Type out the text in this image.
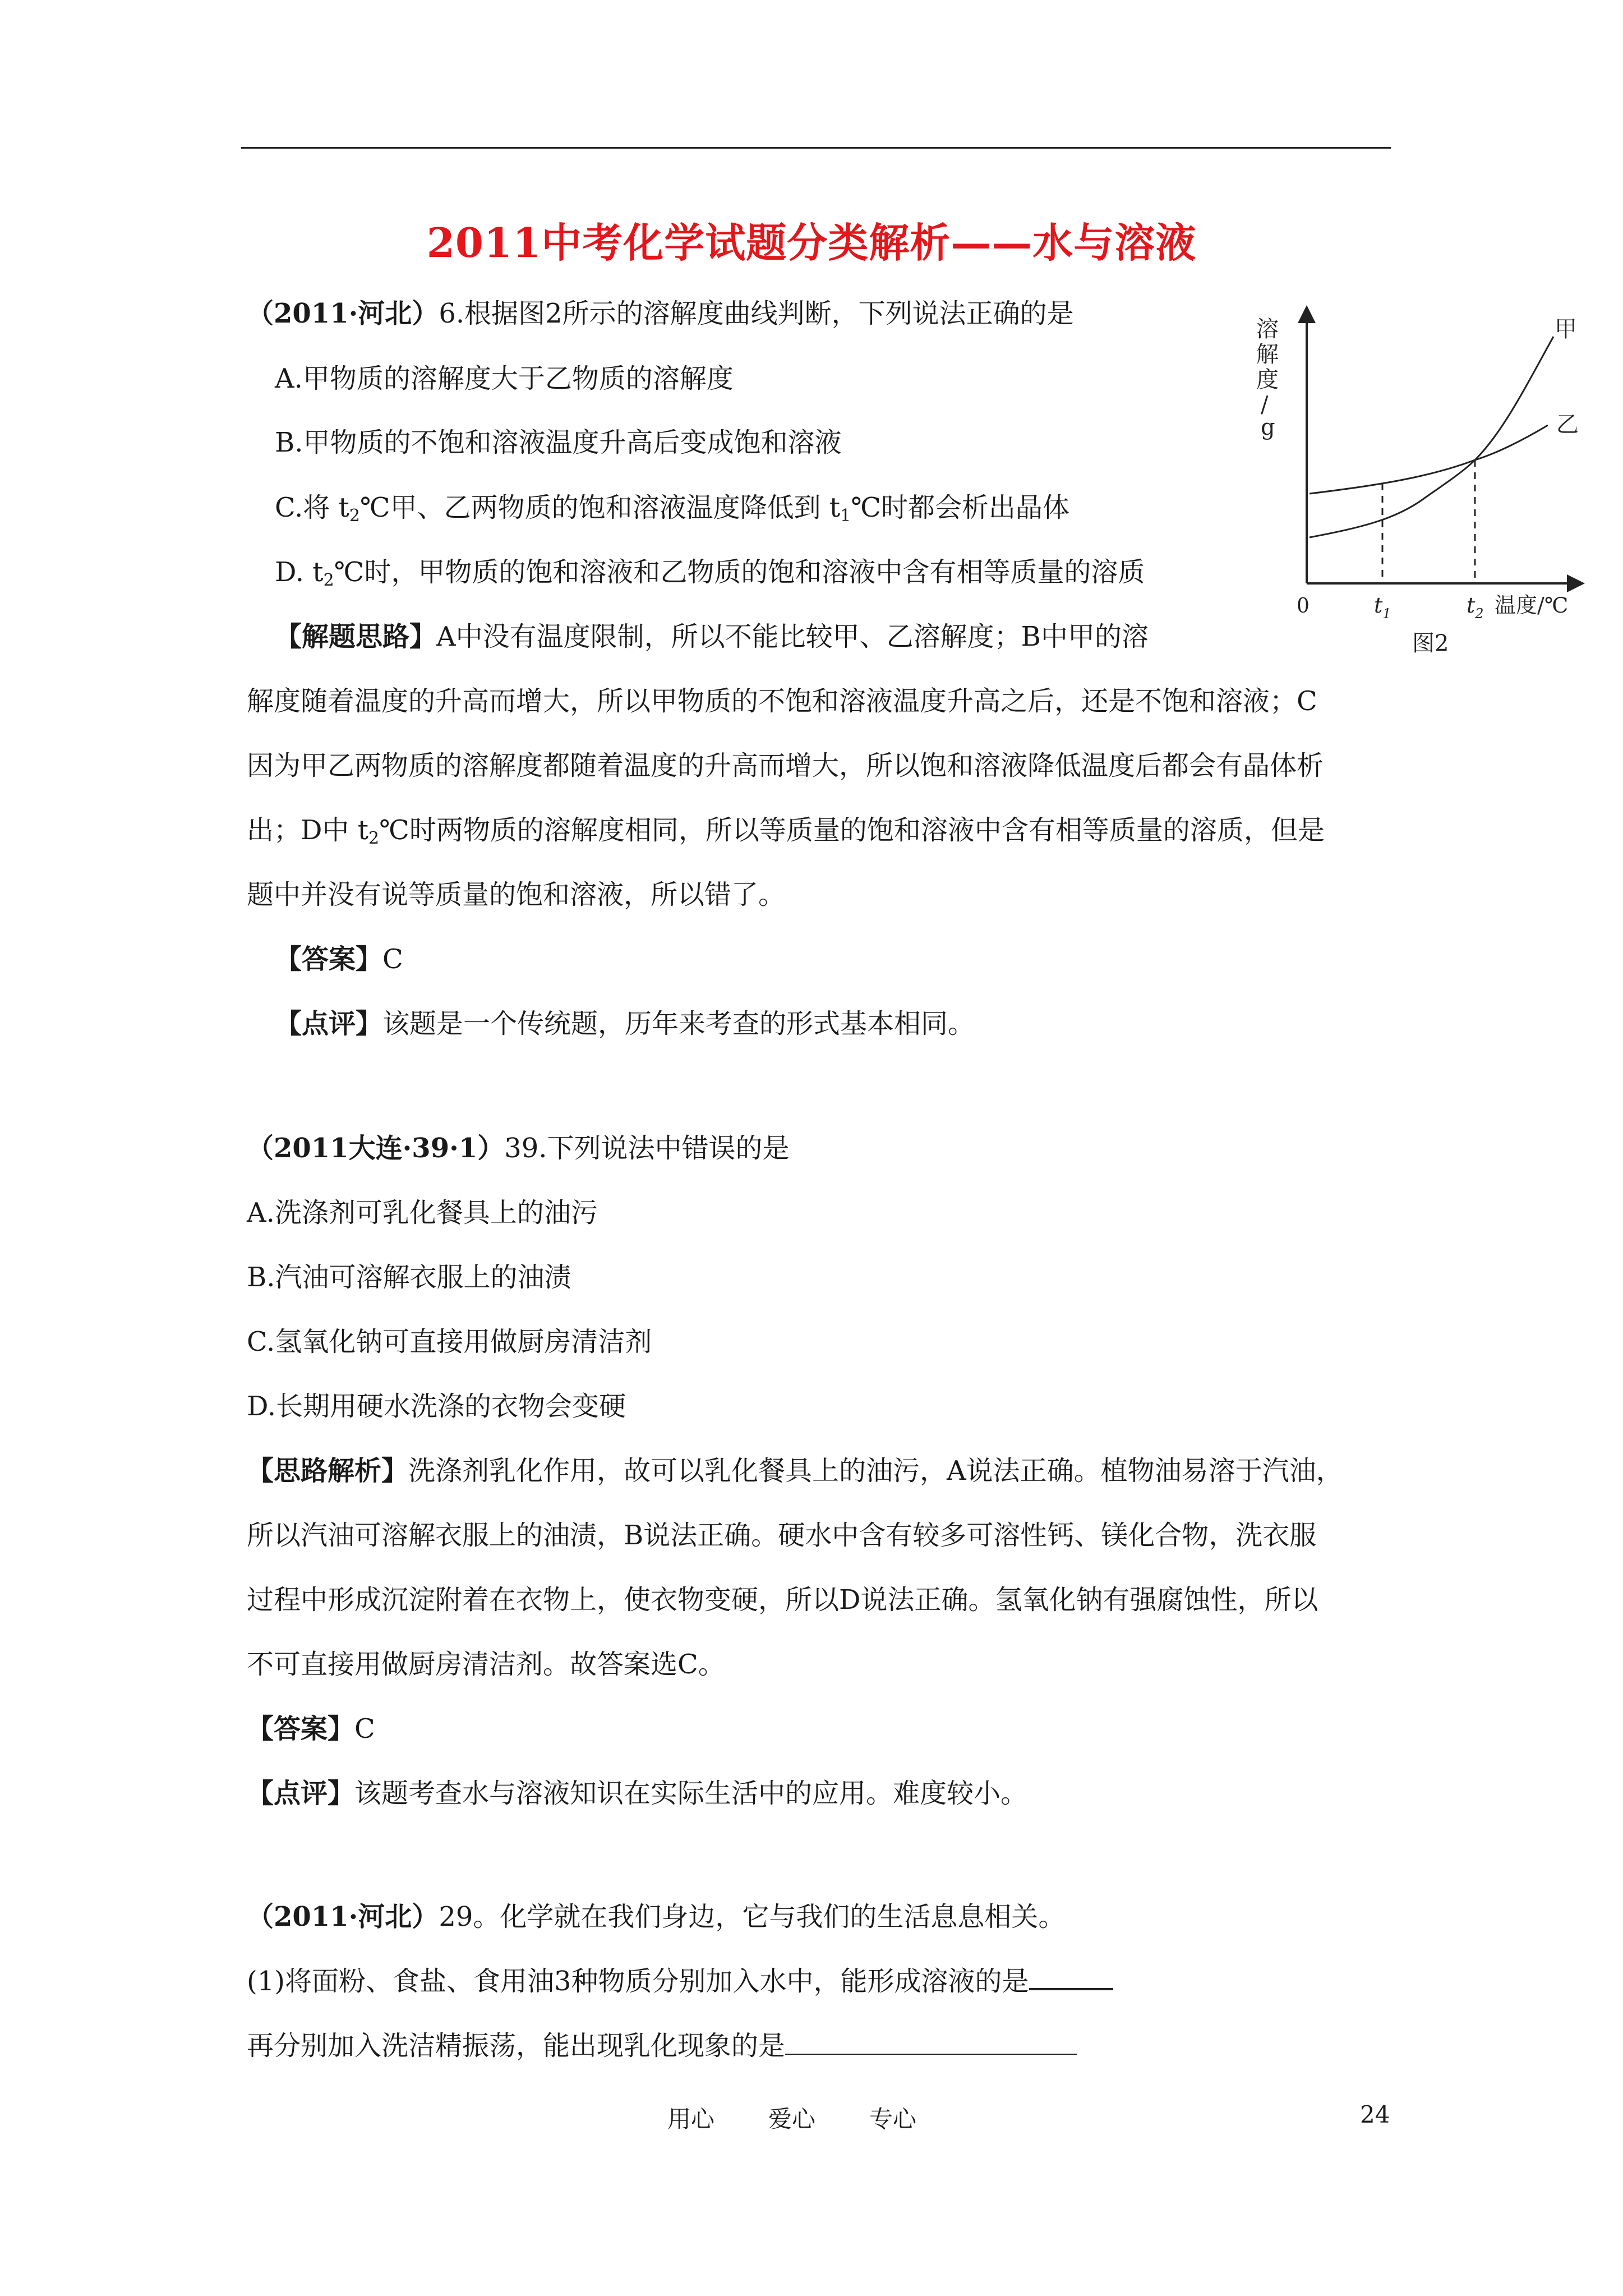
2011中考化学试题分类解析——水与溶液
（2011·河北）6.根据图2所示的溶解度曲线判断，下列说法正确的是
A.甲物质的溶解度大于乙物质的溶解度
B.甲物质的不饱和溶液温度升高后变成饱和溶液
C.将 $t_2℃$甲、乙两物质的饱和溶液温度降低到 $t_1℃$时都会析出晶体
D. $t_2℃$时，甲物质的饱和溶液和乙物质的饱和溶液中含有相等质量的溶质
【解题思路】A中没有温度限制，所以不能比较甲、乙溶解度；B中甲的溶
解度随着温度的升高而增大，所以甲物质的不饱和溶液温度升高之后，还是不饱和溶液；C
因为甲乙两物质的溶解度都随着温度的升高而增大，所以饱和溶液降低温度后都会有晶体析
出；D中 $t_2℃$时两物质的溶解度相同，所以等质量的饱和溶液中含有相等质量的溶质，但是
题中并没有说等质量的饱和溶液，所以错了。
【答案】C
【点评】该题是一个传统题，历年来考查的形式基本相同。
溶
解
度
/
g
甲
乙
0	$t_1$	$t_2$ 温度/℃
图2
（2011大连·39·1）39.下列说法中错误的是
A.洗涤剂可乳化餐具上的油污
B.汽油可溶解衣服上的油渍
C.氢氧化钠可直接用做厨房清洁剂
D.长期用硬水洗涤的衣物会变硬
【思路解析】洗涤剂乳化作用，故可以乳化餐具上的油污，A说法正确。植物油易溶于汽油，
所以汽油可溶解衣服上的油渍，B说法正确。硬水中含有较多可溶性钙、镁化合物，洗衣服
过程中形成沉淀附着在衣物上，使衣物变硬，所以D说法正确。氢氧化钠有强腐蚀性，所以
不可直接用做厨房清洁剂。故答案选C。
【答案】C
【点评】该题考查水与溶液知识在实际生活中的应用。难度较小。
（2011·河北）29。化学就在我们身边，它与我们的生活息息相关。
(1)将面粉、食盐、食用油3种物质分别加入水中，能形成溶液的是
再分别加入洗洁精振荡，能出现乳化现象的是
用心 爱心 专心	24
